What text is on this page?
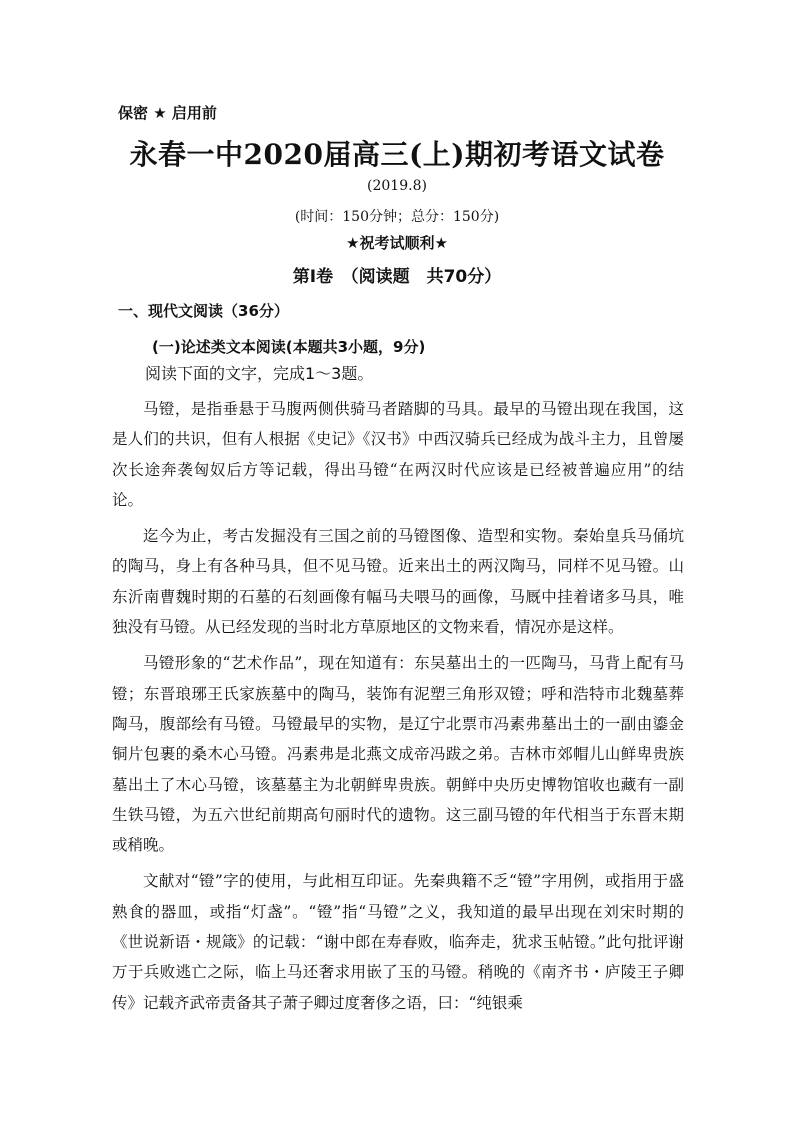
保密 ★ 启用前
永春一中2020届高三(上)期初考语文试卷
(2019.8)
(时间：150分钟；总分：150分)
★祝考试顺利★
第Ⅰ卷　（阅读题　共70分）
一、现代文阅读（36分）
(一)论述类文本阅读(本题共3小题，9分)
阅读下面的文字，完成1～3题。

马镫，是指垂悬于马腹两侧供骑马者踏脚的马具。最早的马镫出现在我国，这是人们的共识，但有人根据《史记》《汉书》中西汉骑兵已经成为战斗主力，且曾屡次长途奔袭匈奴后方等记载，得出马镫“在两汉时代应该是已经被普遍应用”的结论。

迄今为止，考古发掘没有三国之前的马镫图像、造型和实物。秦始皇兵马俑坑的陶马，身上有各种马具，但不见马镫。近来出土的两汉陶马，同样不见马镫。山东沂南曹魏时期的石墓的石刻画像有幅马夫喂马的画像，马厩中挂着诸多马具，唯独没有马镫。从已经发现的当时北方草原地区的文物来看，情况亦是这样。

马镫形象的“艺术作品”，现在知道有：东吴墓出土的一匹陶马，马背上配有马镫；东晋琅琊王氏家族墓中的陶马，装饰有泥塑三角形双镫；呼和浩特市北魏墓葬陶马，腹部绘有马镫。马镫最早的实物，是辽宁北票市冯素弗墓出土的一副由鎏金铜片包裹的桑木心马镫。冯素弗是北燕文成帝冯跋之弟。吉林市郊帽儿山鲜卑贵族墓出土了木心马镫，该墓墓主为北朝鲜卑贵族。朝鲜中央历史博物馆收也藏有一副生铁马镫，为五六世纪前期高句丽时代的遗物。这三副马镫的年代相当于东晋末期或稍晚。

文献对“镫”字的使用，与此相互印证。先秦典籍不乏“镫”字用例，或指用于盛熟食的器皿，或指“灯盏”。“镫”指“马镫”之义，我知道的最早出现在刘宋时期的《世说新语・规箴》的记载：“谢中郎在寿春败，临奔走，犹求玉帖镫。”此句批评谢万于兵败逃亡之际，临上马还奢求用嵌了玉的马镫。稍晚的《南齐书・庐陵王子卿传》记载齐武帝责备其子萧子卿过度奢侈之语，曰：“纯银乘
